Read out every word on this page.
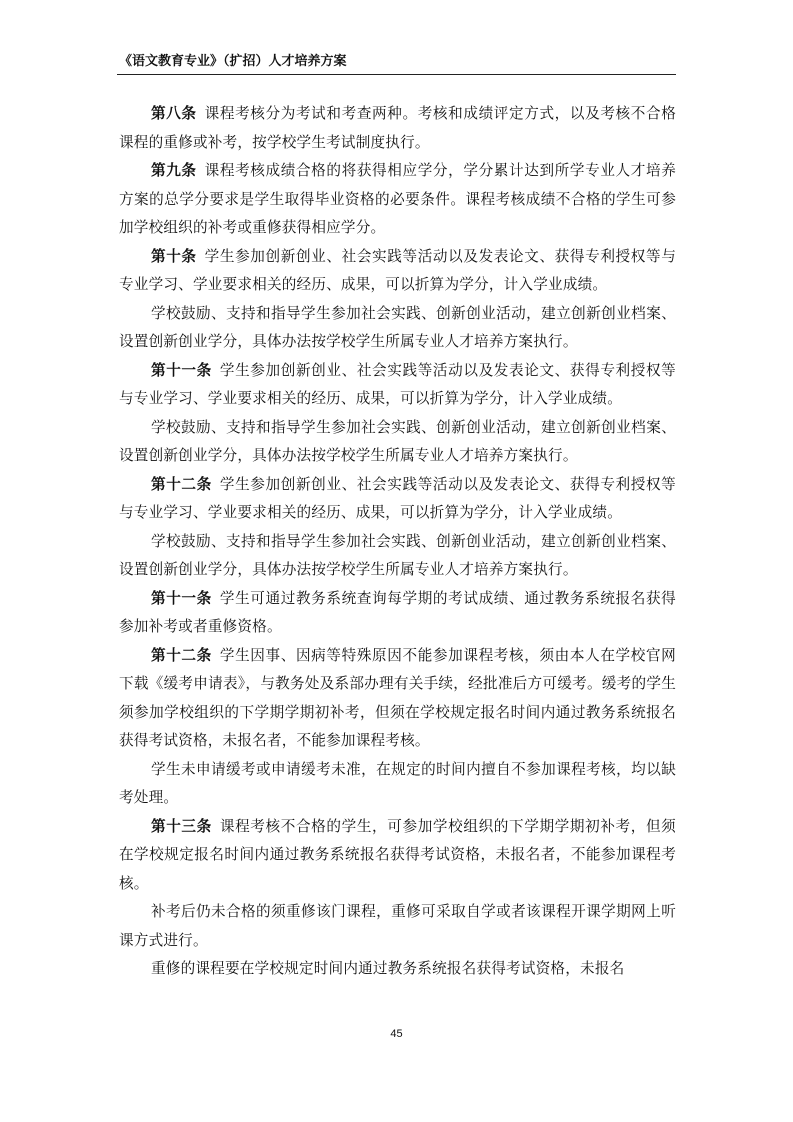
《语文教育专业》（扩招）人才培养方案

第八条 课程考核分为考试和考查两种。考核和成绩评定方式，以及考核不合格课程的重修或补考，按学校学生考试制度执行。

第九条 课程考核成绩合格的将获得相应学分，学分累计达到所学专业人才培养方案的总学分要求是学生取得毕业资格的必要条件。课程考核成绩不合格的学生可参加学校组织的补考或重修获得相应学分。

第十条 学生参加创新创业、社会实践等活动以及发表论文、获得专利授权等与专业学习、学业要求相关的经历、成果，可以折算为学分，计入学业成绩。

学校鼓励、支持和指导学生参加社会实践、创新创业活动，建立创新创业档案、设置创新创业学分，具体办法按学校学生所属专业人才培养方案执行。

第十一条 学生参加创新创业、社会实践等活动以及发表论文、获得专利授权等与专业学习、学业要求相关的经历、成果，可以折算为学分，计入学业成绩。

学校鼓励、支持和指导学生参加社会实践、创新创业活动，建立创新创业档案、设置创新创业学分，具体办法按学校学生所属专业人才培养方案执行。

第十二条 学生参加创新创业、社会实践等活动以及发表论文、获得专利授权等与专业学习、学业要求相关的经历、成果，可以折算为学分，计入学业成绩。

学校鼓励、支持和指导学生参加社会实践、创新创业活动，建立创新创业档案、设置创新创业学分，具体办法按学校学生所属专业人才培养方案执行。

第十一条 学生可通过教务系统查询每学期的考试成绩、通过教务系统报名获得参加补考或者重修资格。

第十二条 学生因事、因病等特殊原因不能参加课程考核，须由本人在学校官网下载《缓考申请表》，与教务处及系部办理有关手续，经批准后方可缓考。缓考的学生须参加学校组织的下学期学期初补考，但须在学校规定报名时间内通过教务系统报名获得考试资格，未报名者，不能参加课程考核。

学生未申请缓考或申请缓考未准，在规定的时间内擅自不参加课程考核，均以缺考处理。

第十三条 课程考核不合格的学生，可参加学校组织的下学期学期初补考，但须在学校规定报名时间内通过教务系统报名获得考试资格，未报名者，不能参加课程考核。

补考后仍未合格的须重修该门课程，重修可采取自学或者该课程开课学期网上听课方式进行。

重修的课程要在学校规定时间内通过教务系统报名获得考试资格，未报名

45
